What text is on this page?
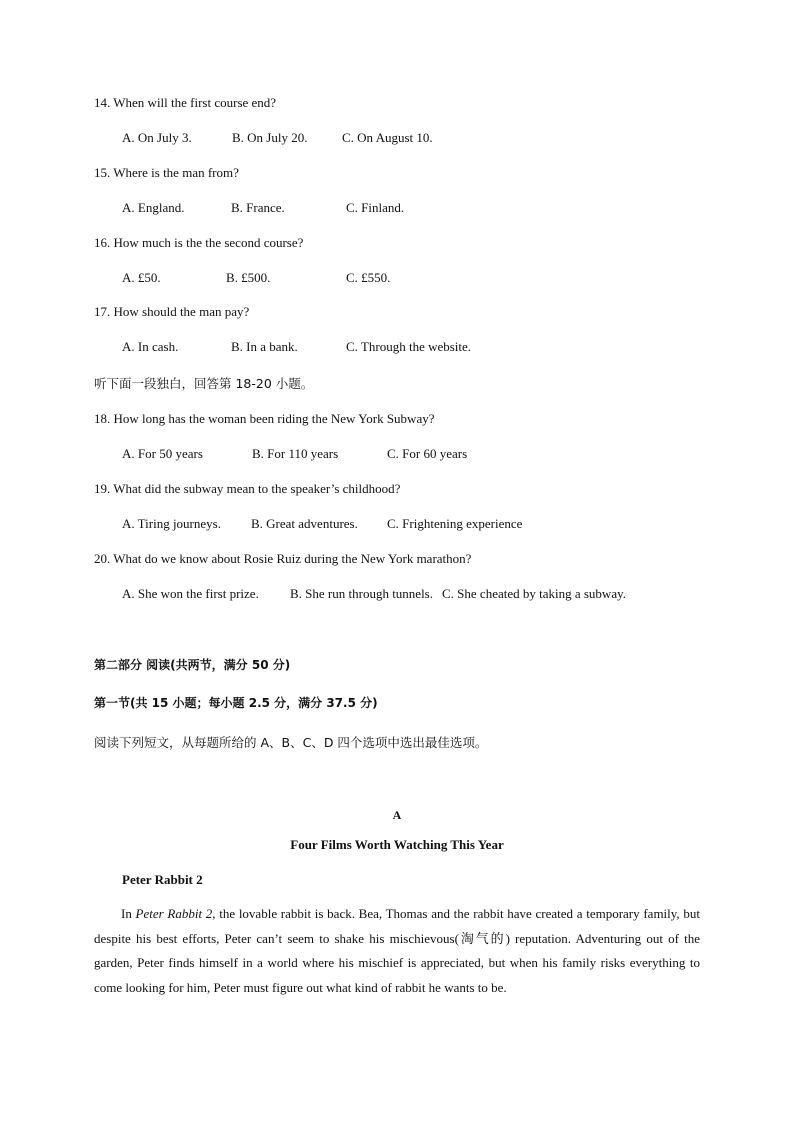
14. When will the first course end?
A. On July 3.	B. On July 20.	C. On August 10.
15. Where is the man from?
A. England.	B. France.	C. Finland.
16. How much is the the second course?
A. £50.	B. £500.	C. £550.
17. How should the man pay?
A. In cash.	B. In a bank.	C. Through the website.
听下面一段独白，回答第 18-20 小题。
18. How long has the woman been riding the New York Subway?
A. For 50 years	B. For 110 years	C. For 60 years
19. What did the subway mean to the speaker’s childhood?
A. Tiring journeys. B. Great adventures. C. Frightening experience
20. What do we know about Rosie Ruiz during the New York marathon?
A. She won the first prize. B. She run through tunnels. C. She cheated by taking a subway.
第二部分 阅读(共两节，满分 50 分)
第一节(共 15 小题；每小题 2.5 分，满分 37.5 分)
阅读下列短文，从每题所给的 A、B、C、D 四个选项中选出最佳选项。
A
Four Films Worth Watching This Year
Peter Rabbit 2
In Peter Rabbit 2, the lovable rabbit is back. Bea, Thomas and the rabbit have created a temporary family, but despite his best efforts, Peter can’t seem to shake his mischievous(淘气的) reputation. Adventuring out of the garden, Peter finds himself in a world where his mischief is appreciated, but when his family risks everything to come looking for him, Peter must figure out what kind of rabbit he wants to be.
